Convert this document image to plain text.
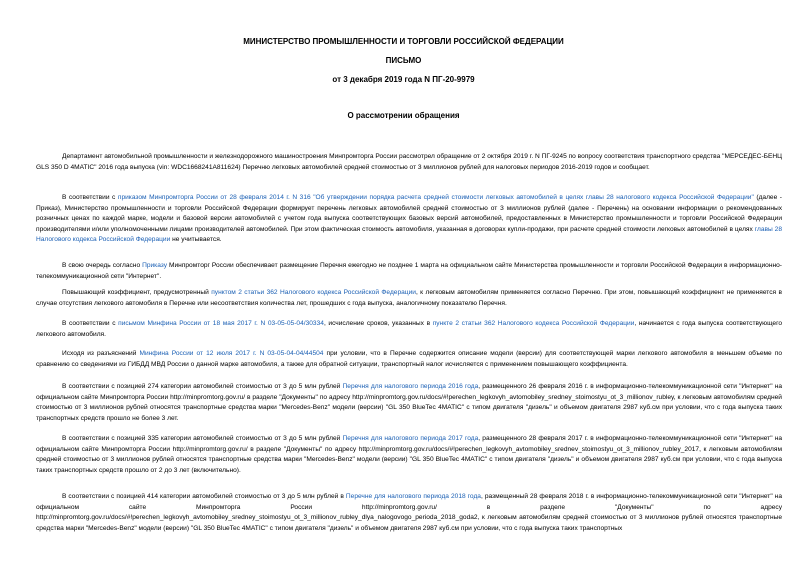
МИНИСТЕРСТВО ПРОМЫШЛЕННОСТИ И ТОРГОВЛИ РОССИЙСКОЙ ФЕДЕРАЦИИ
ПИСЬМО
от 3 декабря 2019 года N ПГ-20-9979
О рассмотрении обращения

Департамент автомобильной промышленности и железнодорожного машиностроения Минпромторга России рассмотрел обращение от 2 октября 2019 г. N ПГ-9245 по вопросу соответствия транспортного средства "МЕРСЕДЕС-БЕНЦ GLS 350 D 4MATIC" 2016 года выпуска (vin: WDC1668241A811624) Перечню легковых автомобилей средней стоимостью от 3 миллионов рублей для налоговых периодов 2016-2019 годов и сообщает.

В соответствии с приказом Минпромторга России от 28 февраля 2014 г. N 316 "Об утверждении порядка расчета средней стоимости легковых автомобилей в целях главы 28 налогового кодекса Российской Федерации" (далее - Приказ), Министерство промышленности и торговли Российской Федерации формирует перечень легковых автомобилей средней стоимостью от 3 миллионов рублей (далее - Перечень) на основании информации о рекомендованных розничных ценах по каждой марке, модели и базовой версии автомобилей с учетом года выпуска соответствующих базовых версий автомобилей, предоставленных в Министерство промышленности и торговли Российской Федерации производителями и/или уполномоченными лицами производителей автомобилей. При этом фактическая стоимость автомобиля, указанная в договорах купли-продажи, при расчете средней стоимости легковых автомобилей в целях главы 28 Налогового кодекса Российской Федерации не учитывается.

В свою очередь согласно Приказу Минпромторг России обеспечивает размещение Перечня ежегодно не позднее 1 марта на официальном сайте Министерства промышленности и торговли Российской Федерации в информационно-телекоммуникационной сети "Интернет".

Повышающий коэффициент, предусмотренный пунктом 2 статьи 362 Налогового кодекса Российской Федерации, к легковым автомобилям применяется согласно Перечню. При этом, повышающий коэффициент не применяется в случае отсутствия легкового автомобиля в Перечне или несоответствия количества лет, прошедших с года выпуска, аналогичному показателю Перечня.

В соответствии с письмом Минфина России от 18 мая 2017 г. N 03-05-05-04/30334, исчисление сроков, указанных в пункте 2 статьи 362 Налогового кодекса Российской Федерации, начинается с года выпуска соответствующего легкового автомобиля.

Исходя из разъяснений Минфина России от 12 июля 2017 г. N 03-05-04-04/44504 при условии, что в Перечне содержится описание модели (версии) для соответствующей марки легкового автомобиля в меньшем объеме по сравнению со сведениями из ГИБДД МВД России о данной марке автомобиля, а также для обратной ситуации, транспортный налог исчисляется с применением повышающего коэффициента.

В соответствии с позицией 274 категории автомобилей стоимостью от 3 до 5 млн рублей Перечня для налогового периода 2016 года, размещенного 26 февраля 2016 г. в информационно-телекоммуникационной сети "Интернет" на официальном сайте Минпромторга России http://minpromtorg.gov.ru/ в разделе "Документы" по адресу http://minpromtorg.gov.ru/docs/#!perechen_legkovyh_avtomobiley_sredney_stoimostyu_ot_3_millionov_rubley, к легковым автомобилям средней стоимостью от 3 миллионов рублей относятся транспортные средства марки "Mercedes-Benz" модели (версии) "GL 350 BlueTec 4MATIC" с типом двигателя "дизель" и объемом двигателя 2987 куб.см при условии, что с года выпуска таких транспортных средств прошло не более 3 лет.

В соответствии с позицией 335 категории автомобилей стоимостью от 3 до 5 млн рублей Перечня для налогового периода 2017 года, размещенного 28 февраля 2017 г. в информационно-телекоммуникационной сети "Интернет" на официальном сайте Минпромторга России http://minpromtorg.gov.ru/ в разделе "Документы" по адресу http://minpromtorg.gov.ru/docs/#!perechen_legkovyh_avtomobiley_srednev_stoimostyu_ot_3_millionov_rubley_2017, к легковым автомобилям средней стоимостью от 3 миллионов рублей относятся транспортные средства марки "Mercedes-Benz" модели (версии) "GL 350 BlueTec 4MATIC" с типом двигателя "дизель" и объемом двигателя 2987 куб.см при условии, что с года выпуска таких транспортных средств прошло от 2 до 3 лет (включительно).

В соответствии с позицией 414 категории автомобилей стоимостью от 3 до 5 млн рублей в Перечне для налогового периода 2018 года, размещенный 28 февраля 2018 г. в информационно-телекоммуникационной сети "Интернет" на официальном сайте Минпромторга России http://minpromtorg.gov.ru/ в разделе "Документы" по адресу http://minpromtorg.gov.ru/docs/#!perechen_legkovyh_avtomobiley_sredney_stoimostyu_ot_3_millionov_rubley_dlya_nalogovogo_perioda_2018_goda2, к легковым автомобилям средней стоимостью от 3 миллионов рублей относятся транспортные средства марки "Mercedes-Benz" модели (версии) "GL 350 BlueTec 4MATIC" с типом двигателя "дизель" и объемом двигателя 2987 куб.см при условии, что с года выпуска таких транспортных
